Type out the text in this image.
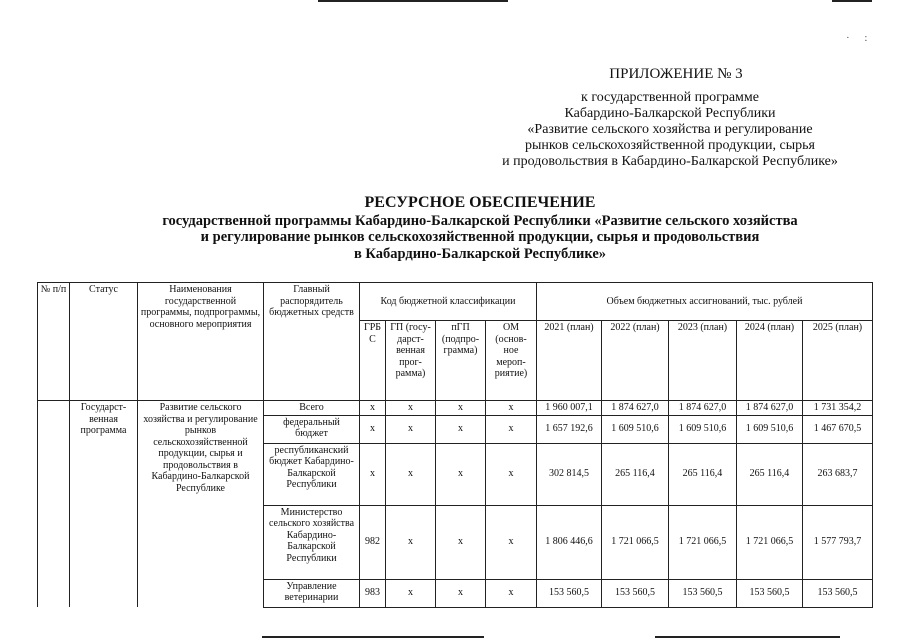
· :
ПРИЛОЖЕНИЕ № 3
к государственной программе
Кабардино-Балкарской Республики
«Развитие сельского хозяйства и регулирование
рынков сельскохозяйственной продукции, сырья
и продовольствия в Кабардино-Балкарской Республике»
РЕСУРСНОЕ ОБЕСПЕЧЕНИЕ
государственной программы Кабардино-Балкарской Республики «Развитие сельского хозяйства
и регулирование рынков сельскохозяйственной продукции, сырья и продовольствия
в Кабардино-Балкарской Республике»
№ п/п	Статус	Наименования государственной программы, подпрограммы, основного мероприятия	Главный распорядитель бюджетных средств	Код бюджетной классификации				Объем бюджетных ассигнований, тыс. рублей				
				ГРБ С	ГП (госу-дарст-венная прог-рамма)	пГП (подпро-грамма)	ОМ (основ-ное мероп-риятие)	2021 (план)	2022 (план)	2023 (план)	2024 (план)	2025 (план)
	Государст-венная программа	Развитие сельского хозяйства и регулирование рынков сельскохозяйственной продукции, сырья и продовольствия в Кабардино-Балкарской Республике	Всего	х	х	х	х	1 960 007,1	1 874 627,0	1 874 627,0	1 874 627,0	1 731 354,2
			федеральный бюджет	х	х	х	х	1 657 192,6	1 609 510,6	1 609 510,6	1 609 510,6	1 467 670,5
			республиканский бюджет Кабардино-Балкарской Республики	х	х	х	х	302 814,5	265 116,4	265 116,4	265 116,4	263 683,7
			Министерство сельского хозяйства Кабардино-Балкарской Республики	982	х	х	х	1 806 446,6	1 721 066,5	1 721 066,5	1 721 066,5	1 577 793,7
			Управление ветеринарии	983	х	х	х	153 560,5	153 560,5	153 560,5	153 560,5	153 560,5
